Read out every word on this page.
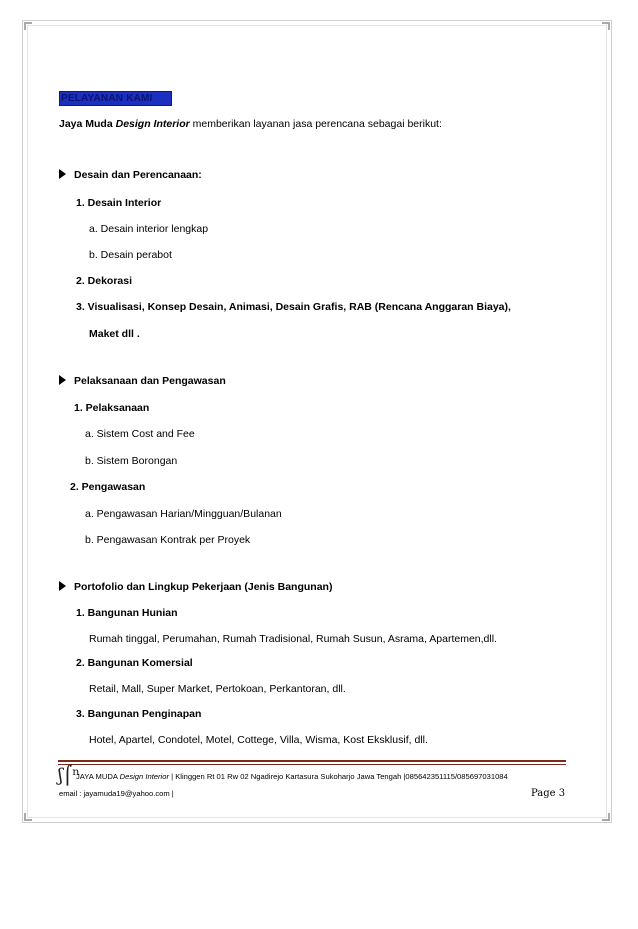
PELAYANAN KAMI
Jaya Muda Design Interior memberikan layanan jasa perencana sebagai berikut:
Desain dan Perencanaan:
1. Desain Interior
a. Desain interior lengkap
b. Desain perabot
2. Dekorasi
3. Visualisasi, Konsep Desain, Animasi, Desain Grafis, RAB (Rencana Anggaran Biaya),
Maket dll .
Pelaksanaan dan Pengawasan
1. Pelaksanaan
a. Sistem Cost and Fee
b. Sistem Borongan
2. Pengawasan
a. Pengawasan Harian/Mingguan/Bulanan
b. Pengawasan Kontrak per Proyek
Portofolio dan Lingkup Pekerjaan (Jenis Bangunan)
1. Bangunan Hunian
Rumah tinggal, Perumahan, Rumah Tradisional, Rumah Susun, Asrama, Apartemen,dll.
2. Bangunan Komersial
Retail, Mall, Super Market, Pertokoan, Perkantoran, dll.
3. Bangunan Penginapan
Hotel, Apartel, Condotel, Motel, Cottege, Villa, Wisma, Kost Eksklusif, dll.
ʃ⌠ⁿ
JAYA MUDA Design Interior | Klinggen Rt 01 Rw 02 Ngadirejo Kartasura Sukoharjo Jawa Tengah |085642351115/085697031084
email : jayamuda19@yahoo.com |	Page 3
